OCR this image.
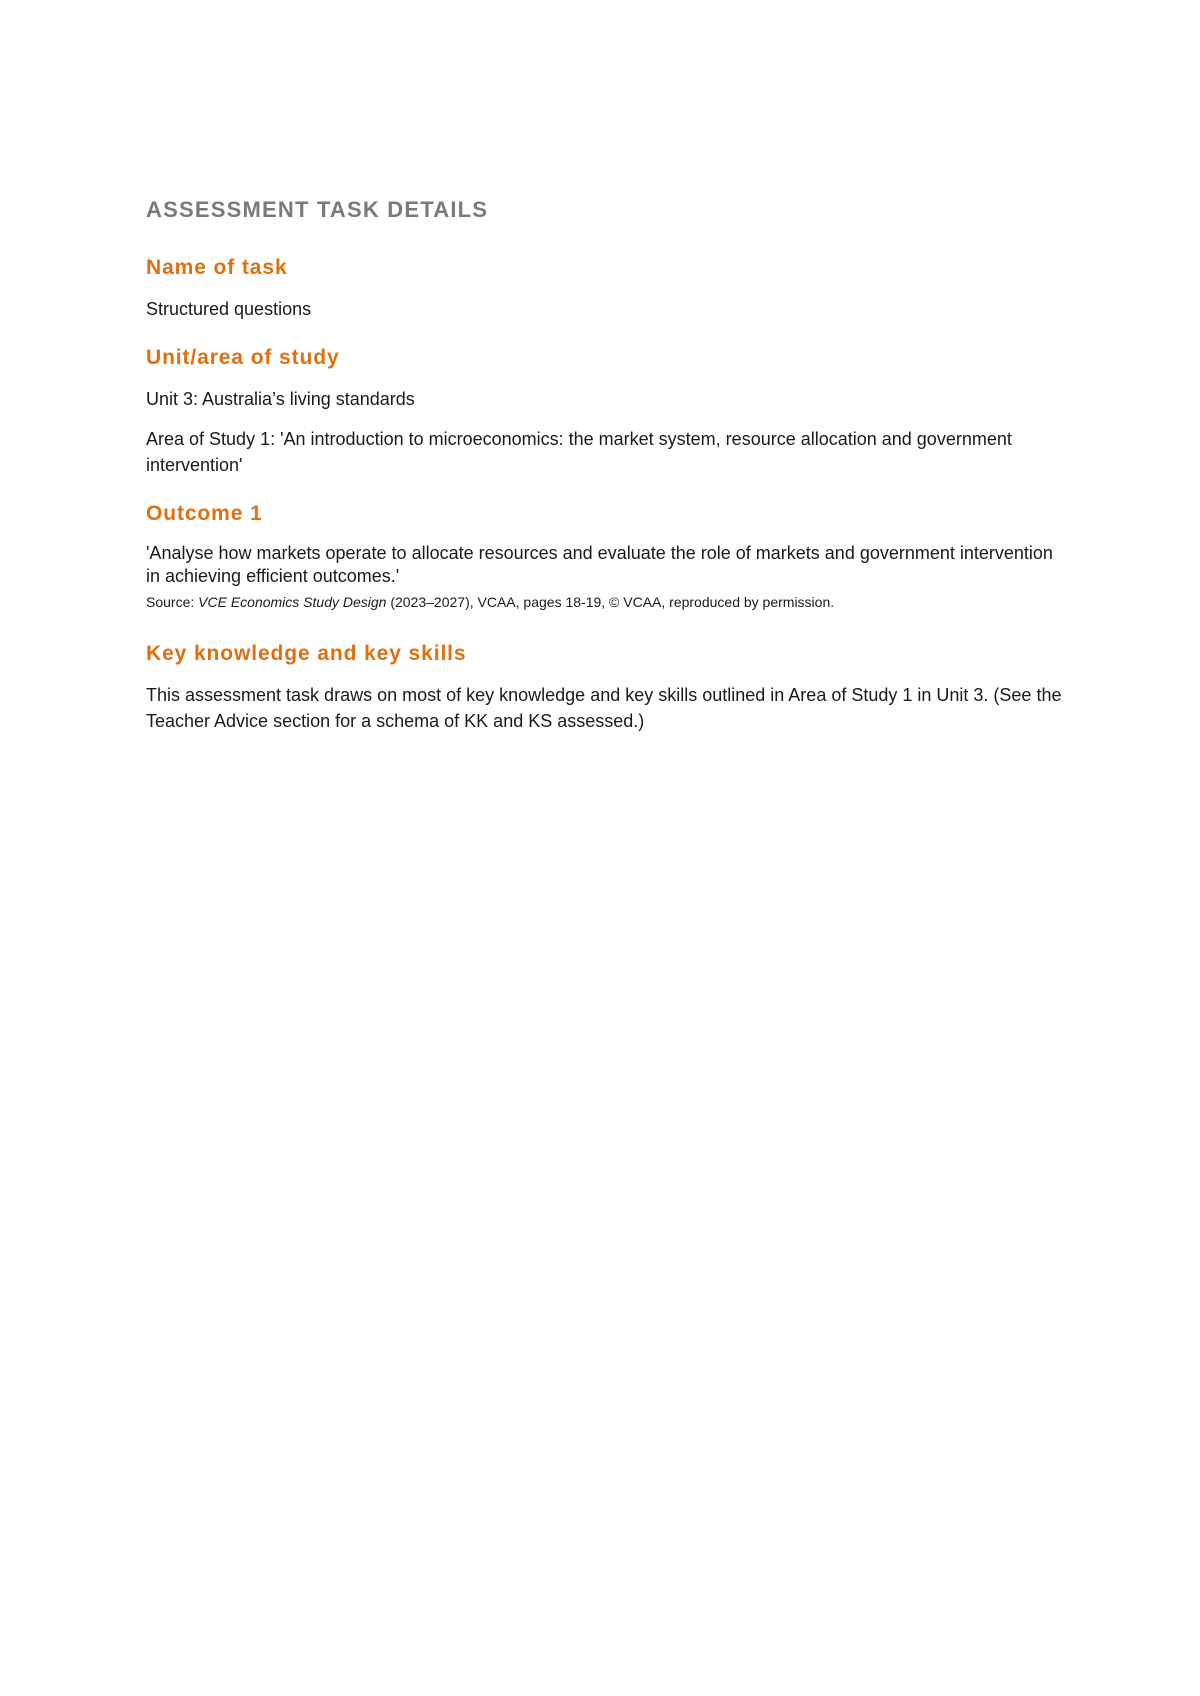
ASSESSMENT TASK DETAILS
Name of task

Structured questions

Unit/area of study

Unit 3: Australia’s living standards

Area of Study 1: 'An introduction to microeconomics: the market system, resource allocation and government intervention'

Outcome 1

'Analyse how markets operate to allocate resources and evaluate the role of markets and government intervention in achieving efficient outcomes.'

Source: VCE Economics Study Design (2023–2027), VCAA, pages 18-19, © VCAA, reproduced by permission.

Key knowledge and key skills

This assessment task draws on most of key knowledge and key skills outlined in Area of Study 1 in Unit 3. (See the Teacher Advice section for a schema of KK and KS assessed.)
